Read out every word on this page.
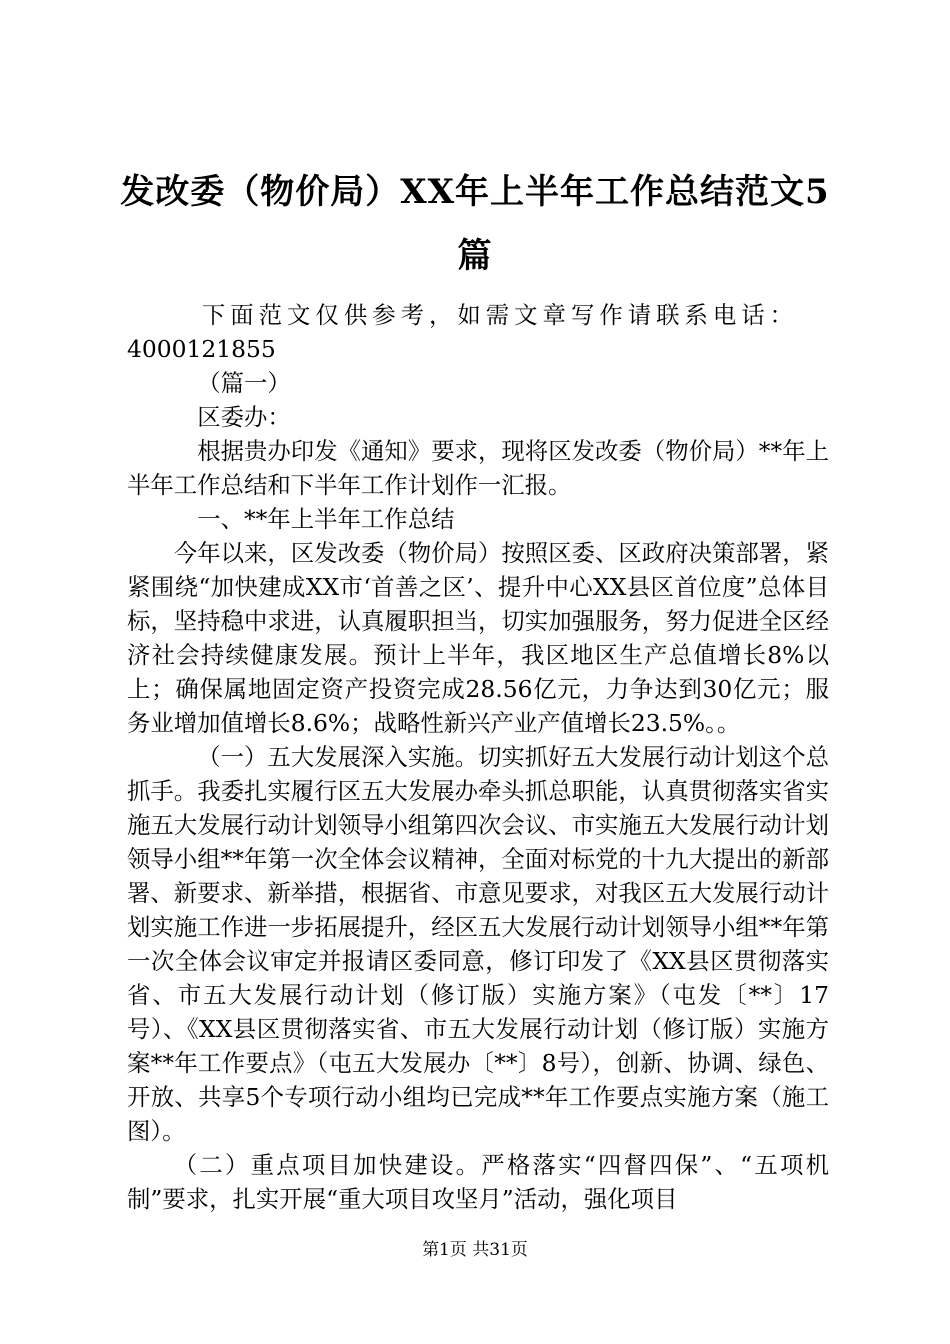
发改委（物价局）XX年上半年工作总结范文5篇

下面范文仅供参考，如需文章写作请联系电话：

4000121855

（篇一）

区委办：

根据贵办印发《通知》要求，现将区发改委（物价局）**年上半年工作总结和下半年工作计划作一汇报。

一、**年上半年工作总结

今年以来，区发改委（物价局）按照区委、区政府决策部署，紧紧围绕“加快建成XX市‘首善之区’、提升中心XX县区首位度”总体目标，坚持稳中求进，认真履职担当，切实加强服务，努力促进全区经济社会持续健康发展。预计上半年，我区地区生产总值增长8%以上；确保属地固定资产投资完成28.56亿元，力争达到30亿元；服务业增加值增长8.6%；战略性新兴产业产值增长23.5%。。

（一）五大发展深入实施。切实抓好五大发展行动计划这个总抓手。我委扎实履行区五大发展办牵头抓总职能，认真贯彻落实省实施五大发展行动计划领导小组第四次会议、市实施五大发展行动计划领导小组**年第一次全体会议精神，全面对标党的十九大提出的新部署、新要求、新举措，根据省、市意见要求，对我区五大发展行动计划实施工作进一步拓展提升，经区五大发展行动计划领导小组**年第一次全体会议审定并报请区委同意，修订印发了《XX县区贯彻落实省、市五大发展行动计划（修订版）实施方案》（屯发〔**〕17号）、《XX县区贯彻落实省、市五大发展行动计划（修订版）实施方案**年工作要点》（屯五大发展办〔**〕8号），创新、协调、绿色、开放、共享5个专项行动小组均已完成**年工作要点实施方案（施工图）。

（二）重点项目加快建设。严格落实“四督四保”、“五项机制”要求，扎实开展“重大项目攻坚月”活动，强化项目

第1页 共31页
